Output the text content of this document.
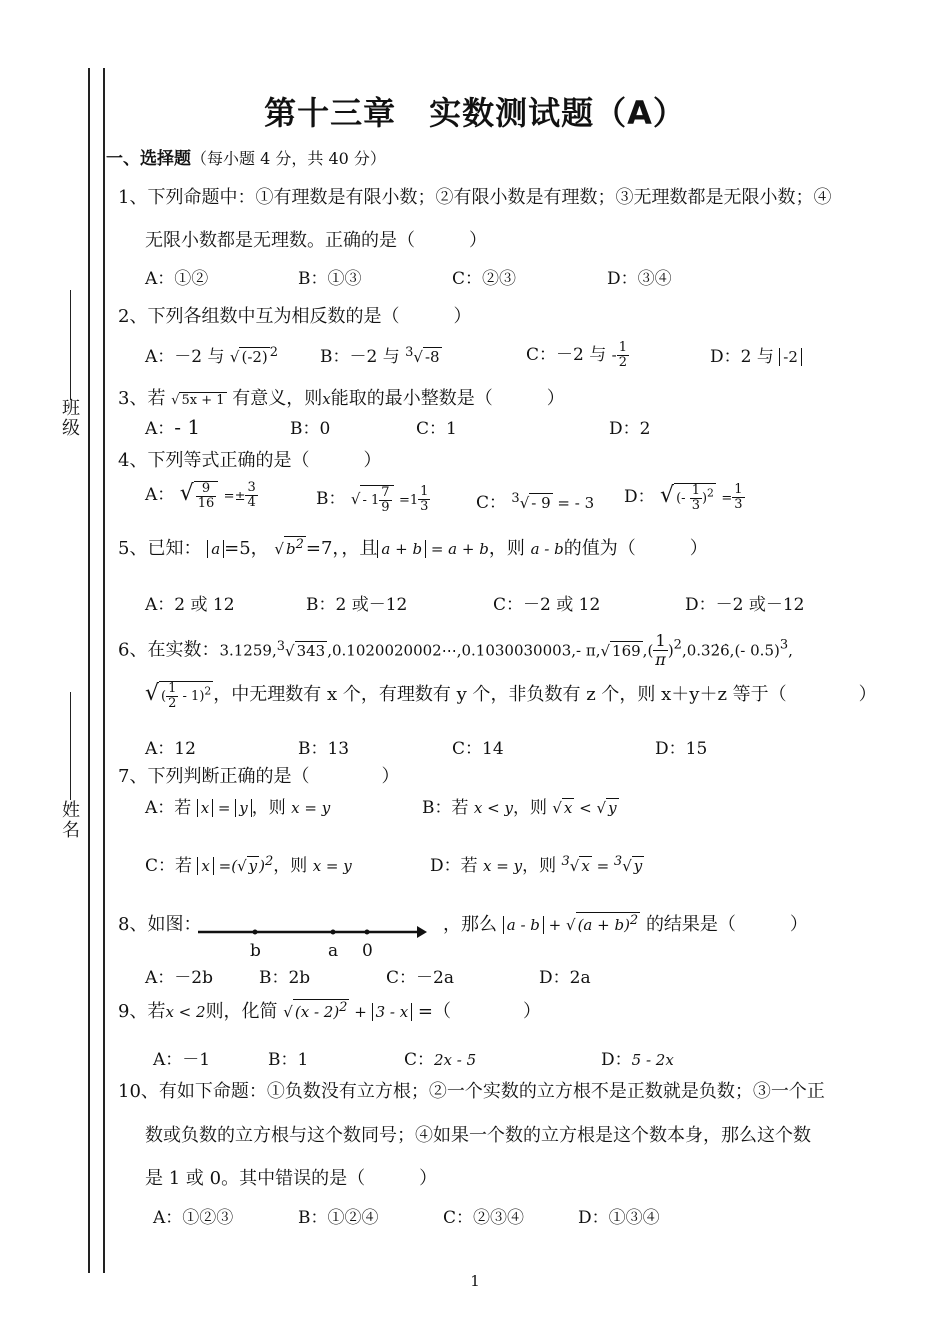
班级
姓名
第十三章　实数测试题（A）
一、选择题（每小题 4 分，共 40 分）
1、下列命题中：①有理数是有限小数；②有限小数是有理数；③无理数都是无限小数；④
无限小数都是无理数。正确的是（　　　）
A：①②	B：①③	C：②③	D：③④
2、下列各组数中互为相反数的是（　　　）
A：－2 与 √ (-2) $^2$ B：－2 与 $^3$√ -8	C：－2 与 - $\frac{1}{2}$	D：2 与 -2
3、若 √ 5x + 1 有意义，则x能取的最小整数是（　　　）
A：- 1	B：0	C：1	D：2
4、下列等式正确的是（　　　）
A： √ $\frac{9}{16} =\pm \frac{3}{4}$	B： √ - $1 \frac{7}{9} =1 \frac{1}{3}$	C： $^3$√ - 9 = - 3 D： √ (- $\frac{1}{3} )^2 = \frac{1}{3}$
5、已知： a =5， √ $b^2 =7$，，且 a + b = a + b，则 a - b的值为（　　　）
A：2 或 12	B：2 或－12	C：－2 或 12	D：－2 或－12
6、在实数：3.1259,$^3$√ 343 ,0.1020020002⋯,0.1030030003,- π,√ 169 ,( $\frac{1}{\pi}$ )$^2$,0.32̇6̇,(- 0.5)$^3$,
√ ( $\frac{1}{2} - 1)^2$ ，中无理数有 x 个，有理数有 y 个，非负数有 z 个，则 x＋y＋z 等于（　　　　）
A：12	B：13	C：14	D：15
7、下列判断正确的是（　　　　）
A：若 x = y ，则 x = y	B：若 x < y，则 √ x < √ y
C：若 x =(√ y )$^2$，则 x = y	D：若 x = y，则 $^3$√ x = $^3$√ y
8、如图：
b	a 0
，那么 a - b + √ $(a + b)^2$ 的结果是（　　　）
A：－2b	B：2b	C：－2a	D：2a
9、若x < 2则，化简 √ (x - 2)$^2$ + 3 - x =（　　　　）
A：－1	B：1	C：2x - 5	D：5 - 2x
10、有如下命题：①负数没有立方根；②一个实数的立方根不是正数就是负数；③一个正
数或负数的立方根与这个数同号；④如果一个数的立方根是这个数本身，那么这个数
是 1 或 0。其中错误的是（　　　）
A：①②③	B：①②④	C：②③④	D：①③④
1
